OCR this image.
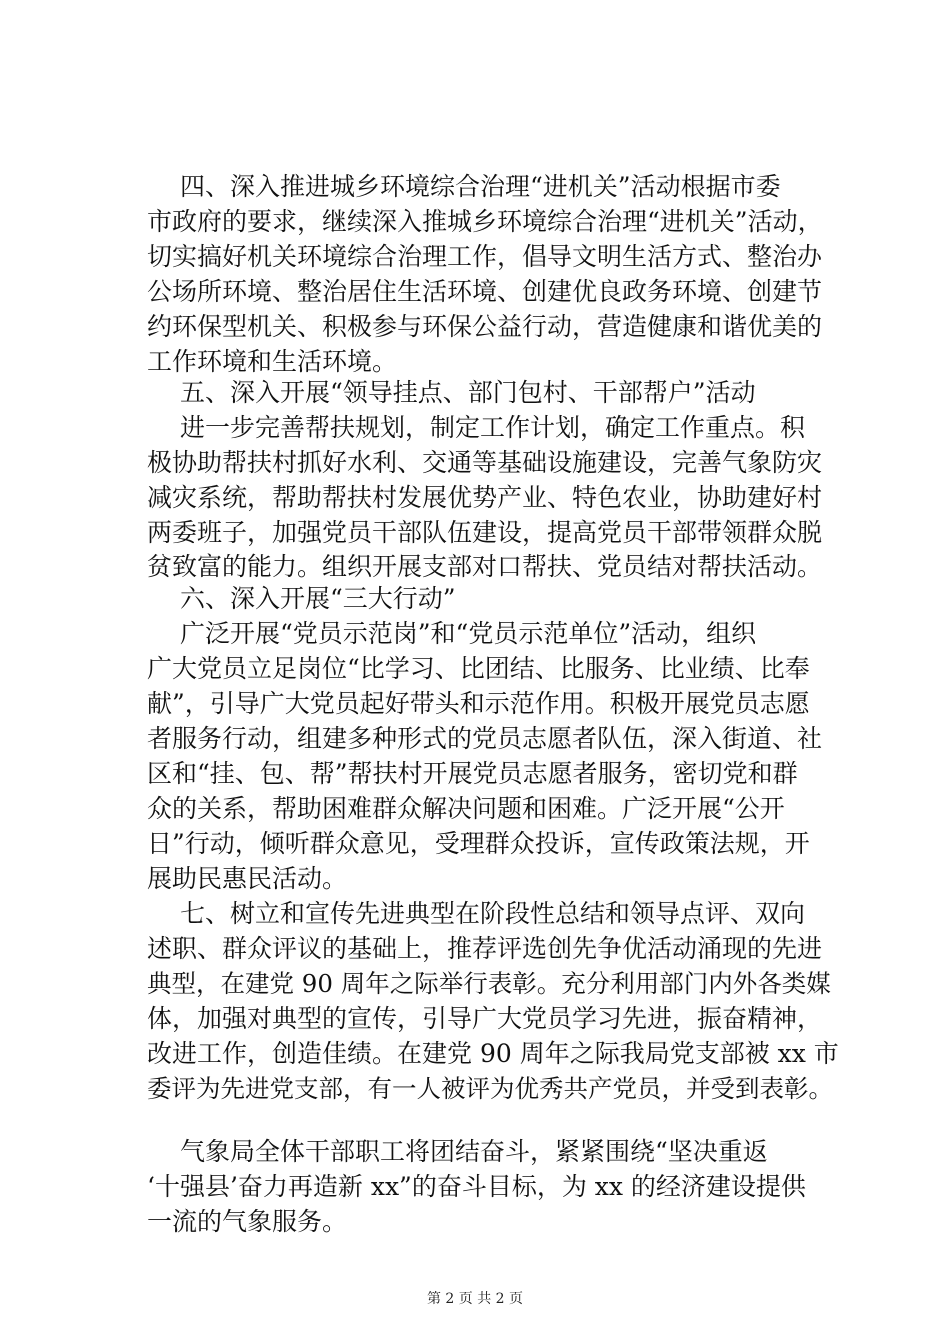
四、深入推进城乡环境综合治理“进机关”活动根据市委
市政府的要求，继续深入推城乡环境综合治理“进机关”活动，
切实搞好机关环境综合治理工作，倡导文明生活方式、整治办
公场所环境、整治居住生活环境、创建优良政务环境、创建节
约环保型机关、积极参与环保公益行动，营造健康和谐优美的
工作环境和生活环境。
五、深入开展“领导挂点、部门包村、干部帮户”活动
进一步完善帮扶规划，制定工作计划，确定工作重点。积
极协助帮扶村抓好水利、交通等基础设施建设，完善气象防灾
减灾系统，帮助帮扶村发展优势产业、特色农业，协助建好村
两委班子，加强党员干部队伍建设，提高党员干部带领群众脱
贫致富的能力。组织开展支部对口帮扶、党员结对帮扶活动。
六、深入开展“三大行动”
广泛开展“党员示范岗”和“党员示范单位”活动，组织
广大党员立足岗位“比学习、比团结、比服务、比业绩、比奉
献”，引导广大党员起好带头和示范作用。积极开展党员志愿
者服务行动，组建多种形式的党员志愿者队伍，深入街道、社
区和“挂、包、帮”帮扶村开展党员志愿者服务，密切党和群
众的关系，帮助困难群众解决问题和困难。广泛开展“公开
日”行动，倾听群众意见，受理群众投诉，宣传政策法规，开
展助民惠民活动。
七、树立和宣传先进典型在阶段性总结和领导点评、双向
述职、群众评议的基础上，推荐评选创先争优活动涌现的先进
典型，在建党 90 周年之际举行表彰。充分利用部门内外各类媒
体，加强对典型的宣传，引导广大党员学习先进，振奋精神，
改进工作，创造佳绩。在建党 90 周年之际我局党支部被 xx 市
委评为先进党支部，有一人被评为优秀共产党员，并受到表彰。
气象局全体干部职工将团结奋斗，紧紧围绕“坚决重返
‘十强县’奋力再造新 xx”的奋斗目标，为 xx 的经济建设提供
一流的气象服务。
第 2 页 共 2 页
